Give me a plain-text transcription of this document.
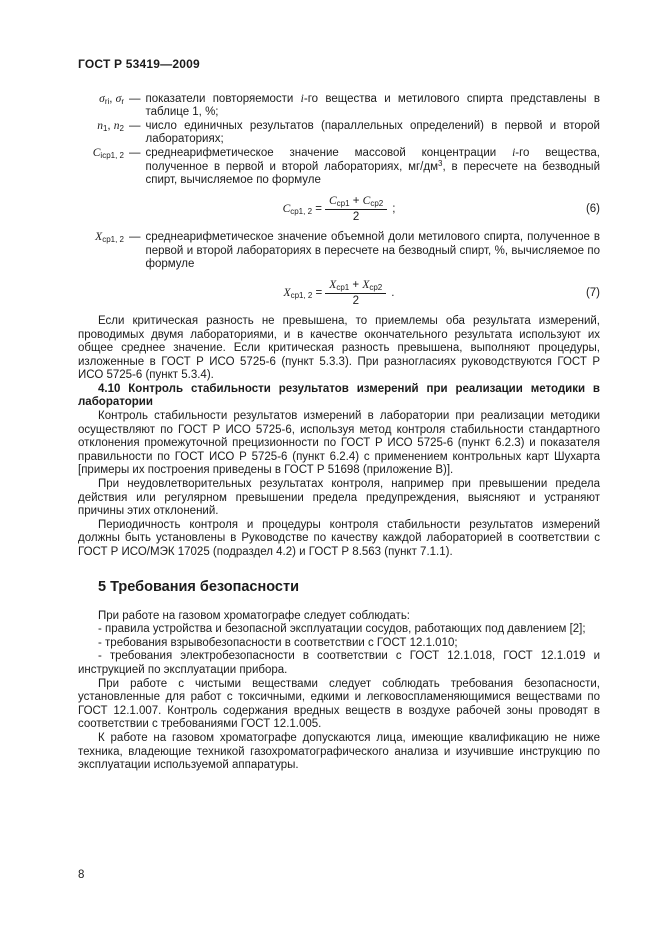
ГОСТ Р 53419—2009
$\sigma_{ri}$, $\sigma_r$ — показатели повторяемости i-го вещества и метилового спирта представлены в таблице 1, %;
$n_1$, $n_2$ — число единичных результатов (параллельных определений) в первой и второй лабораториях;
$C_{iср1, 2}$ — среднеарифметическое значение массовой концентрации i-го вещества, полученное в первой и второй лабораториях, $мг/дм^3$, в пересчете на безводный спирт, вычисляемое по формуле
$C_{ср1, 2} = \frac{C_{ср1} + C_{ср2}}{2}$ ;	(6)
$X_{ср1, 2}$ — среднеарифметическое значение объемной доли метилового спирта, полученное в первой и второй лабораториях в пересчете на безводный спирт, %, вычисляемое по формуле
$X_{ср1, 2} = \frac{X_{ср1} + X_{ср2}}{2}$ .	(7)

Если критическая разность не превышена, то приемлемы оба результата измерений, проводимых двумя лабораториями, и в качестве окончательного результата используют их общее среднее значение. Если критическая разность превышена, выполняют процедуры, изложенные в ГОСТ Р ИСО 5725-6 (пункт 5.3.3). При разногласиях руководствуются ГОСТ Р ИСО 5725-6 (пункт 5.3.4).

4.10 Контроль стабильности результатов измерений при реализации методики в лаборатории

Контроль стабильности результатов измерений в лаборатории при реализации методики осуществляют по ГОСТ Р ИСО 5725-6, используя метод контроля стабильности стандартного отклонения промежуточной прецизионности по ГОСТ Р ИСО 5725-6 (пункт 6.2.3) и показателя правильности по ГОСТ ИСО Р 5725-6 (пункт 6.2.4) с применением контрольных карт Шухарта [примеры их построения приведены в ГОСТ Р 51698 (приложение В)].

При неудовлетворительных результатах контроля, например при превышении предела действия или регулярном превышении предела предупреждения, выясняют и устраняют причины этих отклонений.

Периодичность контроля и процедуры контроля стабильности результатов измерений должны быть установлены в Руководстве по качеству каждой лабораторией в соответствии с ГОСТ Р ИСО/МЭК 17025 (подраздел 4.2) и ГОСТ Р 8.563 (пункт 7.1.1).

5 Требования безопасности

При работе на газовом хроматографе следует соблюдать:

- правила устройства и безопасной эксплуатации сосудов, работающих под давлением [2];

- требования взрывобезопасности в соответствии с ГОСТ 12.1.010;

- требования электробезопасности в соответствии с ГОСТ 12.1.018, ГОСТ 12.1.019 и инструкцией по эксплуатации прибора.

При работе с чистыми веществами следует соблюдать требования безопасности, установленные для работ с токсичными, едкими и легковоспламеняющимися веществами по ГОСТ 12.1.007. Контроль содержания вредных веществ в воздухе рабочей зоны проводят в соответствии с требованиями ГОСТ 12.1.005.

К работе на газовом хроматографе допускаются лица, имеющие квалификацию не ниже техника, владеющие техникой газохроматографического анализа и изучившие инструкцию по эксплуатации используемой аппаратуры.

8
